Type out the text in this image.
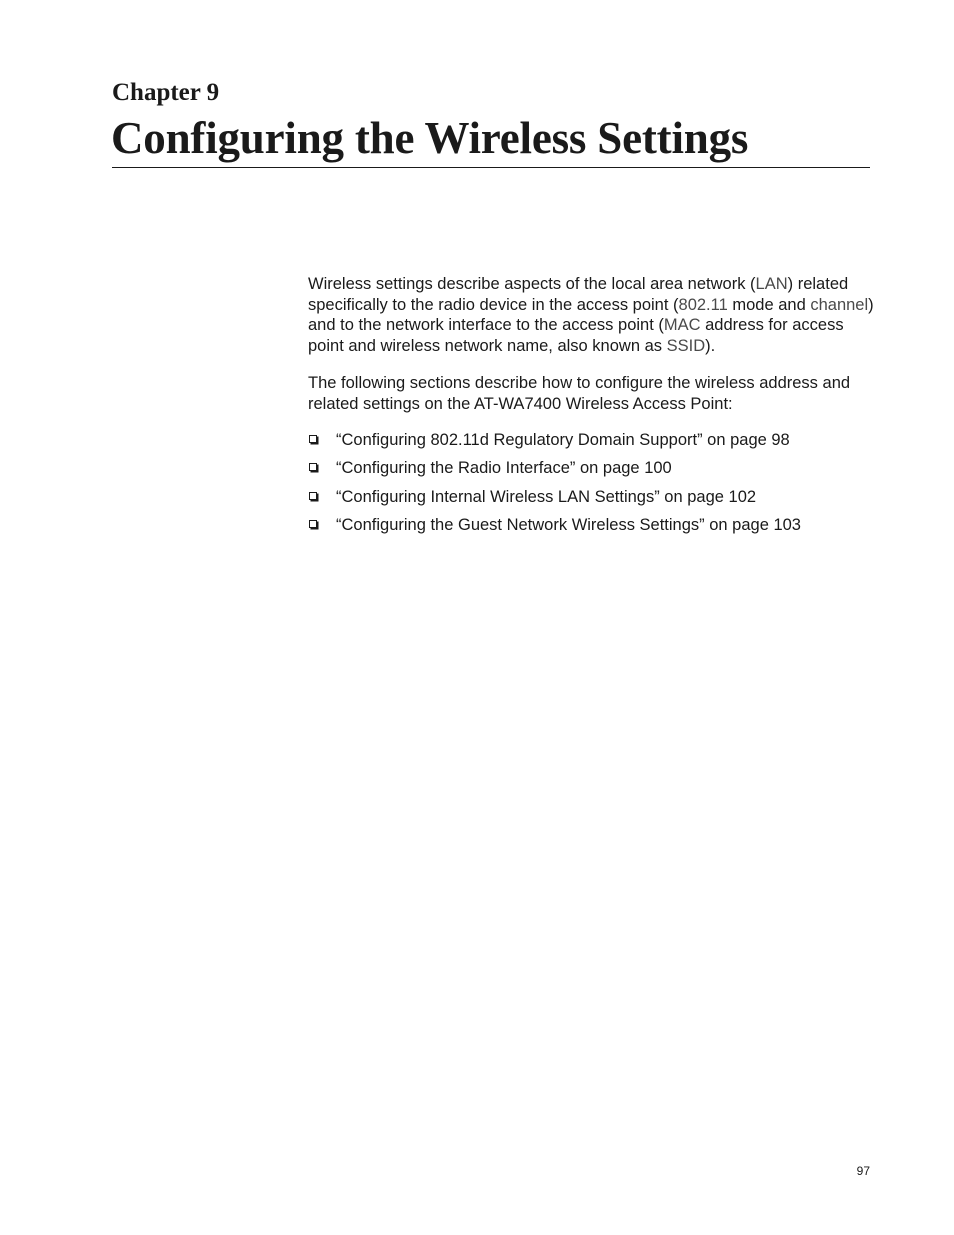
Chapter 9
Configuring the Wireless Settings

Wireless settings describe aspects of the local area network (LAN) related specifically to the radio device in the access point (802.11 mode and channel) and to the network interface to the access point (MAC address for access point and wireless network name, also known as SSID).

The following sections describe how to configure the wireless address and related settings on the AT-WA7400 Wireless Access Point:

“Configuring 802.11d Regulatory Domain Support” on page 98
“Configuring the Radio Interface” on page 100
“Configuring Internal Wireless LAN Settings” on page 102
“Configuring the Guest Network Wireless Settings” on page 103
97
